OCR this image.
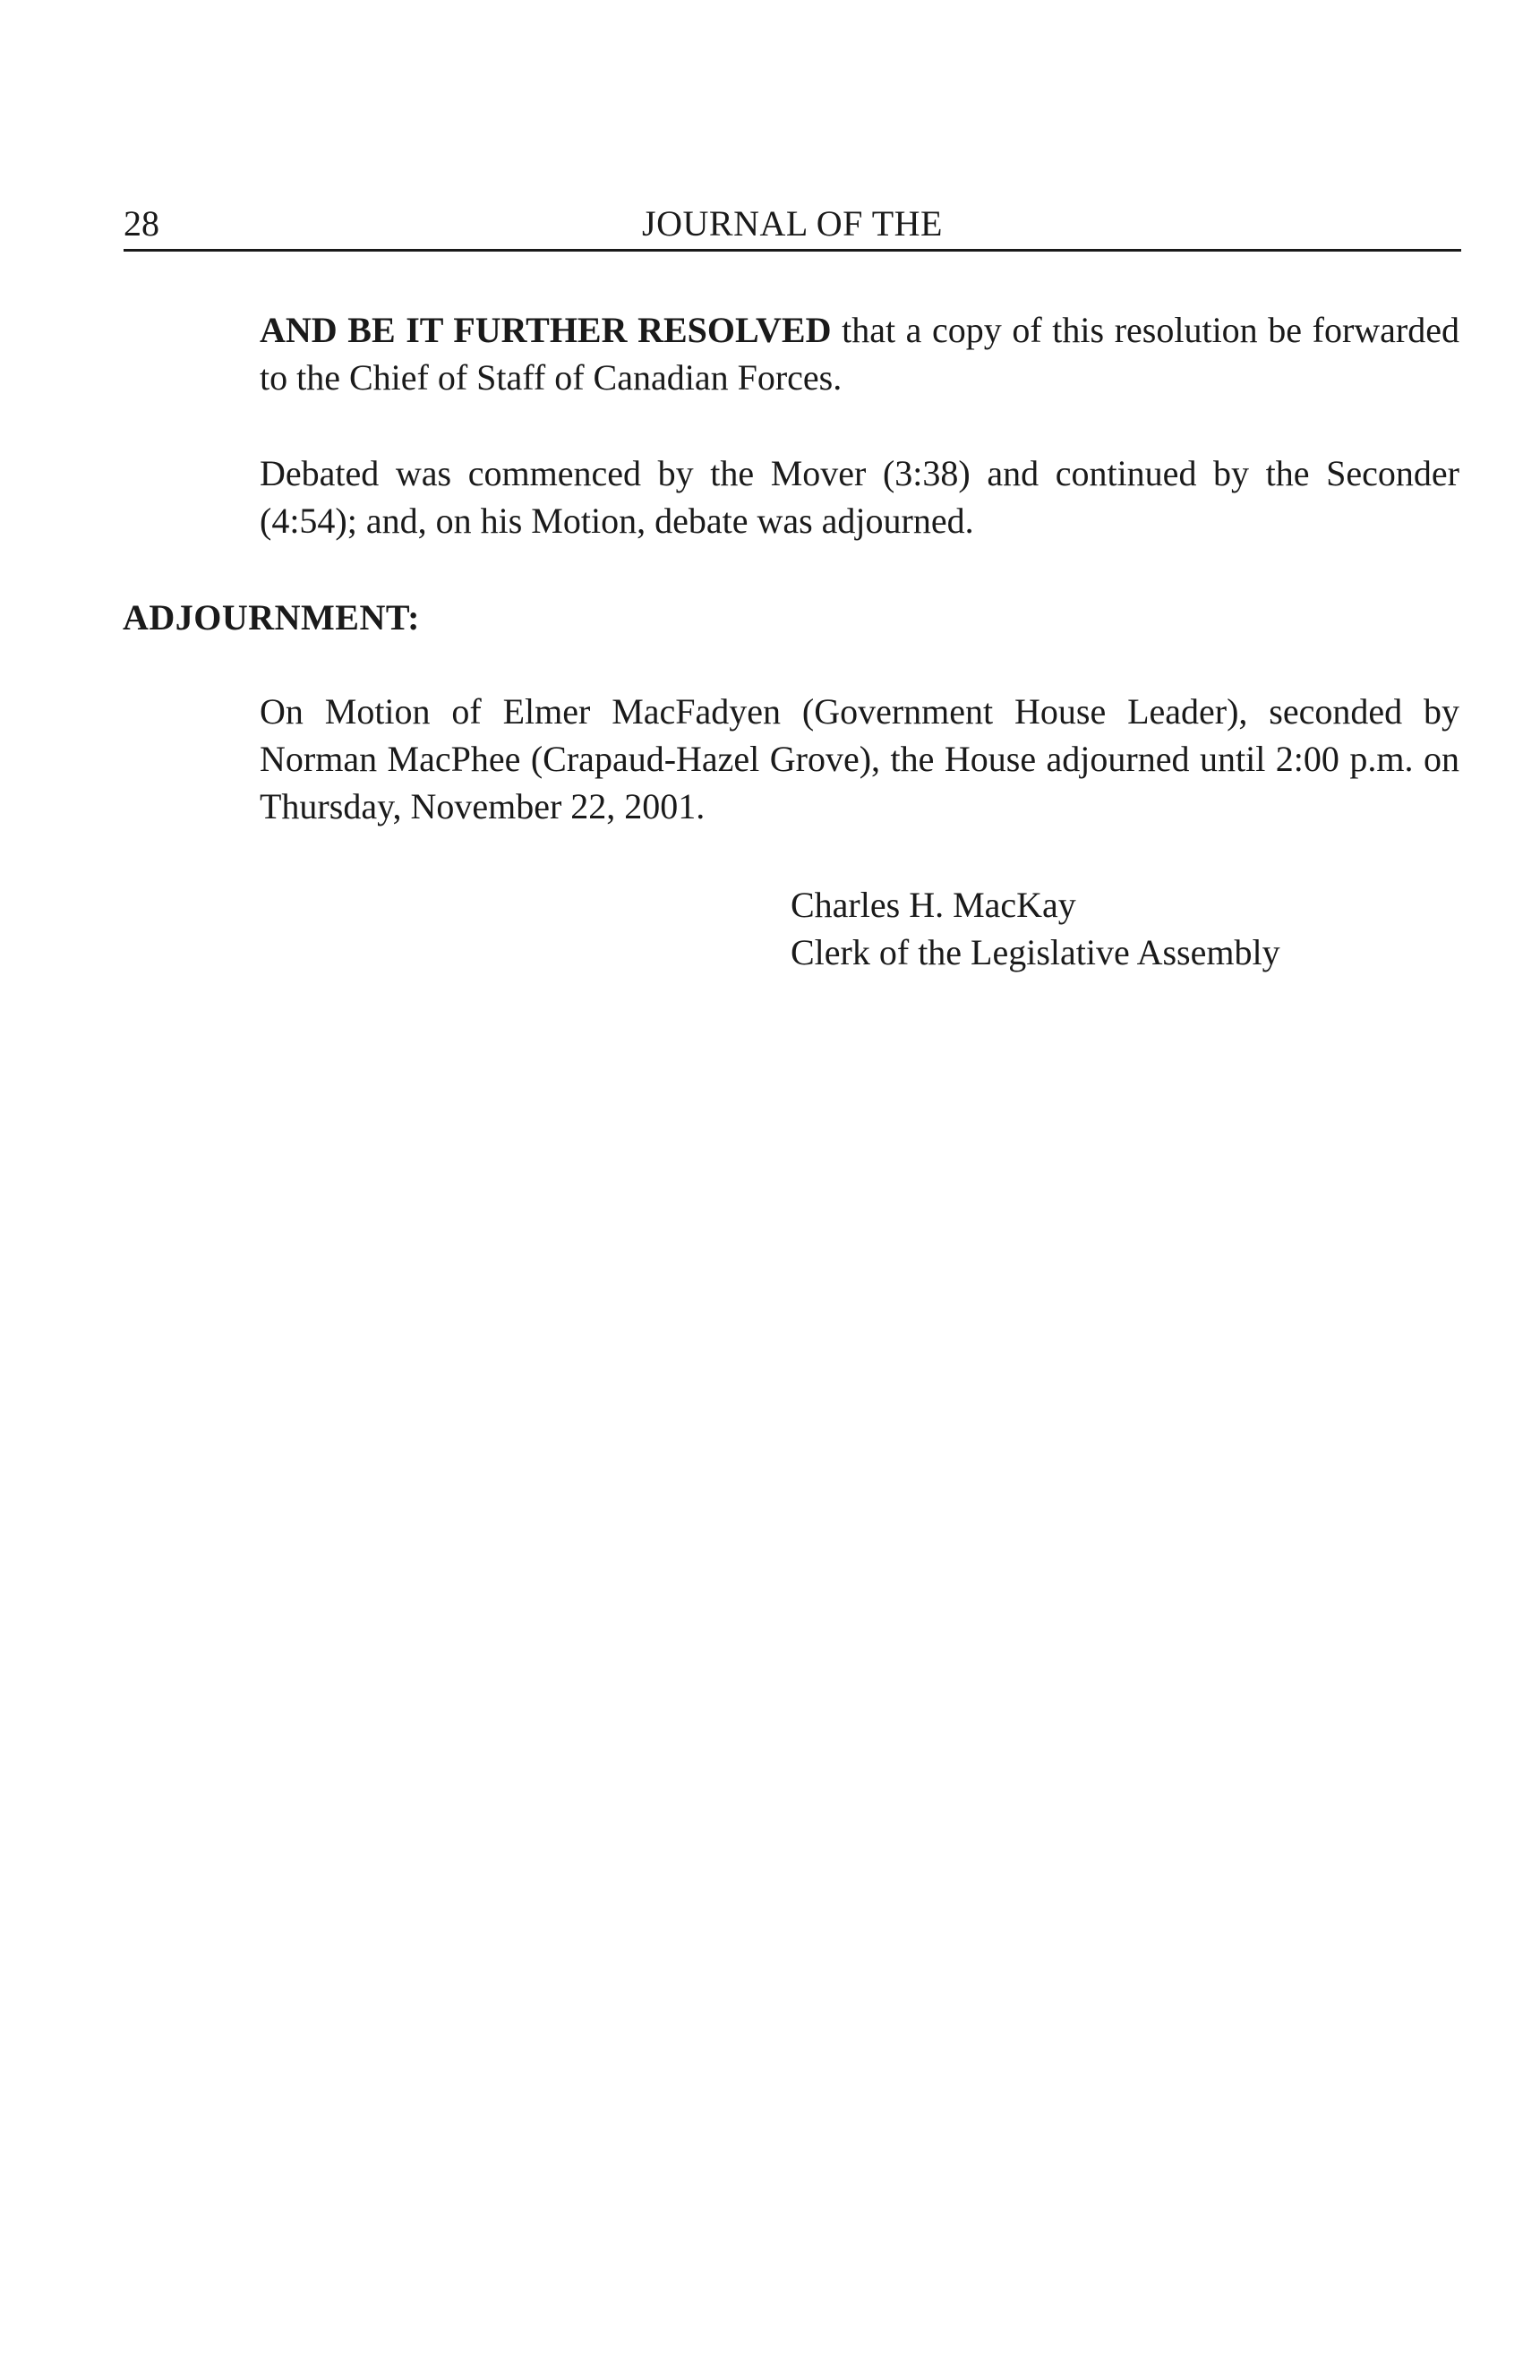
28	JOURNAL OF THE

AND BE IT FURTHER RESOLVED that a copy of this resolution be forwarded to the Chief of Staff of Canadian Forces.

Debated was commenced by the Mover (3:38) and continued by the Seconder (4:54); and, on his Motion, debate was adjourned.

ADJOURNMENT:

On Motion of Elmer MacFadyen (Government House Leader), seconded by Norman MacPhee (Crapaud-Hazel Grove), the House adjourned until 2:00 p.m. on Thursday, November 22, 2001.

Charles H. MacKay
Clerk of the Legislative Assembly
